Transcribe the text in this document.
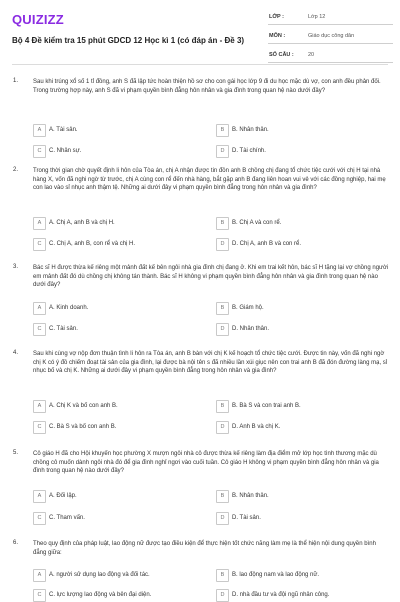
QUIZIZZ
Bộ 4 Đề kiểm tra 15 phút GDCD 12 Học kì 1 (có đáp án - Đề 3)
LỚP :	Lớp 12
MÔN :	Giáo dục công dân
SỐ CÂU :	20
1. Sau khi trúng xổ số 1 tỉ đồng, anh S đã lập tức hoàn thiện hồ sơ cho con gái học lớp 9 đi du học mặc dù vợ, con anh đều phản đối. Trong trường hợp này, anh S đã vi phạm quyền bình đẳng hôn nhân và gia đình trong quan hệ nào dưới đây?
A	A. Tài sản.	B	B. Nhân thân.
C	C. Nhân sự.	D	D. Tài chính.
2. Trong thời gian chờ quyết định li hôn của Tòa án, chị A nhận được tin đồn anh B chồng chị đang tổ chức tiệc cưới với chị H tại nhà hàng X, vốn đã nghi ngờ từ trước, chị A cùng con rể đến nhà hàng, bắt gặp anh B đang liên hoan vui vẻ với các đồng nghiệp, hai mẹ con lao vào sỉ nhục anh thậm tệ. Những ai dưới đây vi phạm quyền bình đẳng trong hôn nhân và gia đình?
A	A. Chị A, anh B và chị H.	B	B. Chị A và con rể.
C	C. Chị A, anh B, con rể và chị H.	D	D. Chị A, anh B và con rể.
3. Bác sĩ H được thừa kế riêng một mảnh đất kế bên ngôi nhà gia đình chị đang ở. Khi em trai kết hôn, bác sĩ H tặng lại vợ chồng người em mảnh đất đó dù chồng chị không tán thành. Bác sĩ H không vi phạm quyền bình đẳng hôn nhân và gia đình trong quan hệ nào dưới đây?
A	A. Kinh doanh.	B	B. Giám hộ.
C	C. Tài sản.	D	D. Nhân thân.
4. Sau khi cùng vợ nộp đơn thuận tình li hôn ra Tòa án, anh B bàn với chị K kế hoạch tổ chức tiệc cưới. Được tin này, vốn đã nghi ngờ chị K có ý đồ chiếm đoạt tài sản của gia đình, lại được bà nội tên s đã nhiều lần xúi giục nên con trai anh B đã đón đường làng mạ, sỉ nhục bố và chị K. Những ai dưới đây vi phạm quyền bình đẳng trong hôn nhân và gia đình?
A	A. Chị K và bố con anh B.	B	B. Bà S và con trai anh B.
C	C. Bà S và bố con anh B.	D	D. Anh B và chị K.
5. Cô giáo H đã cho Hội khuyến học phường X mượn ngôi nhà cô được thừa kế riêng làm địa điểm mở lớp học tình thương mặc dù chồng cô muốn dành ngôi nhà đó để gia đình nghỉ ngơi vào cuối tuần. Cô giáo H không vi phạm quyền bình đẳng hôn nhân và gia đình trong quan hệ nào dưới đây?
A	A. Đối lập.	B	B. Nhân thân.
C	C. Tham vấn.	D	D. Tài sản.
6. Theo quy định của pháp luật, lao động nữ được tạo điều kiện để thực hiện tốt chức năng làm mẹ là thể hiện nội dung quyền bình đẳng giữa:
A	A. người sử dụng lao động và đối tác.	B	B. lao động nam và lao động nữ.
C	C. lực lượng lao động và bên đại diện.	D	D. nhà đầu tư và đội ngũ nhân công.
